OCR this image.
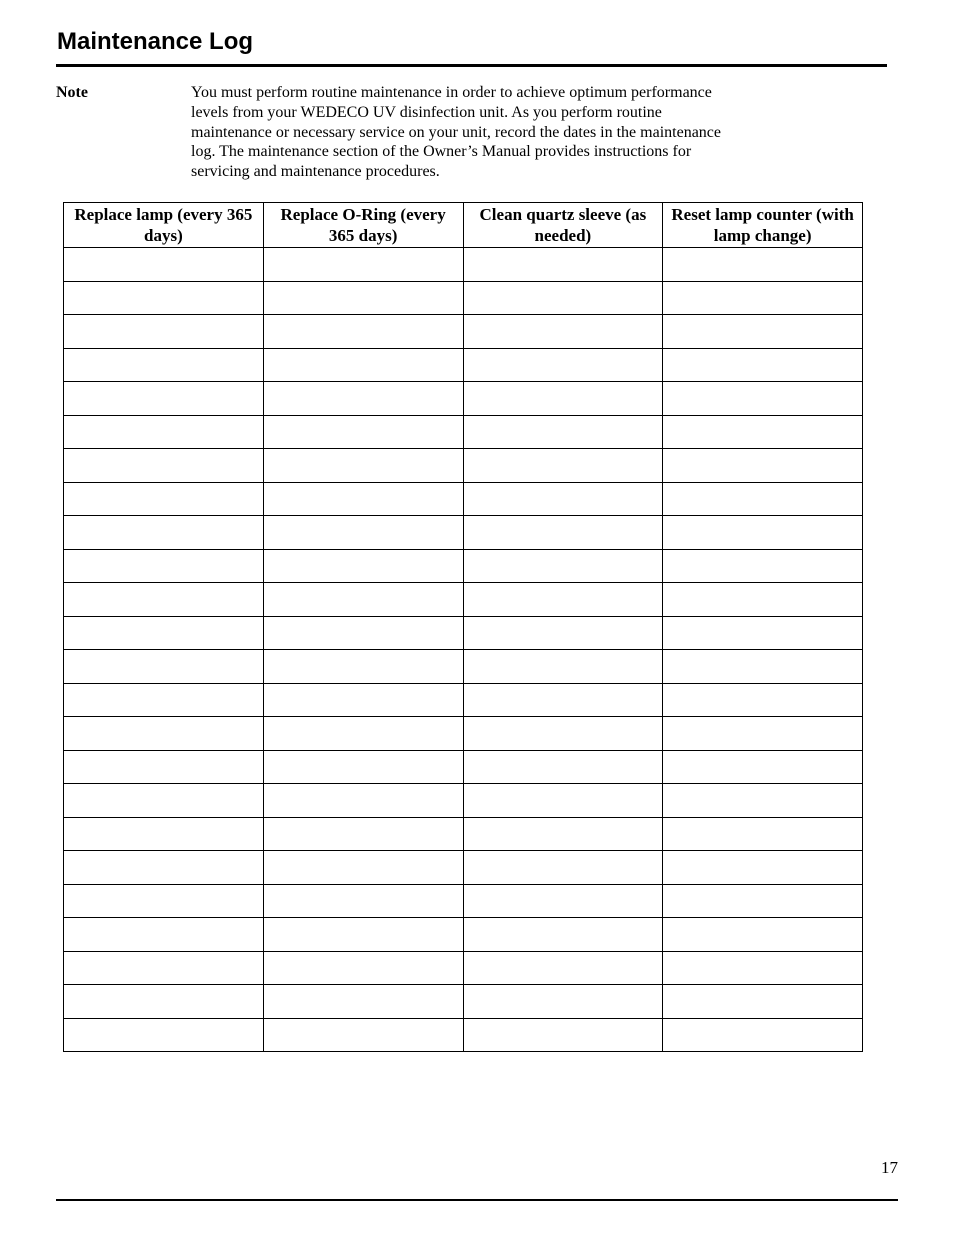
Maintenance Log
Note	You must perform routine maintenance in order to achieve optimum performance
levels from your WEDECO UV disinfection unit. As you perform routine
maintenance or necessary service on your unit, record the dates in the maintenance
log. The maintenance section of the Owner’s Manual provides instructions for
servicing and maintenance procedures.
Replace lamp (every 365 days)	Replace O-Ring (every 365 days)	Clean quartz sleeve (as needed)	Reset lamp counter (with lamp change)

17
